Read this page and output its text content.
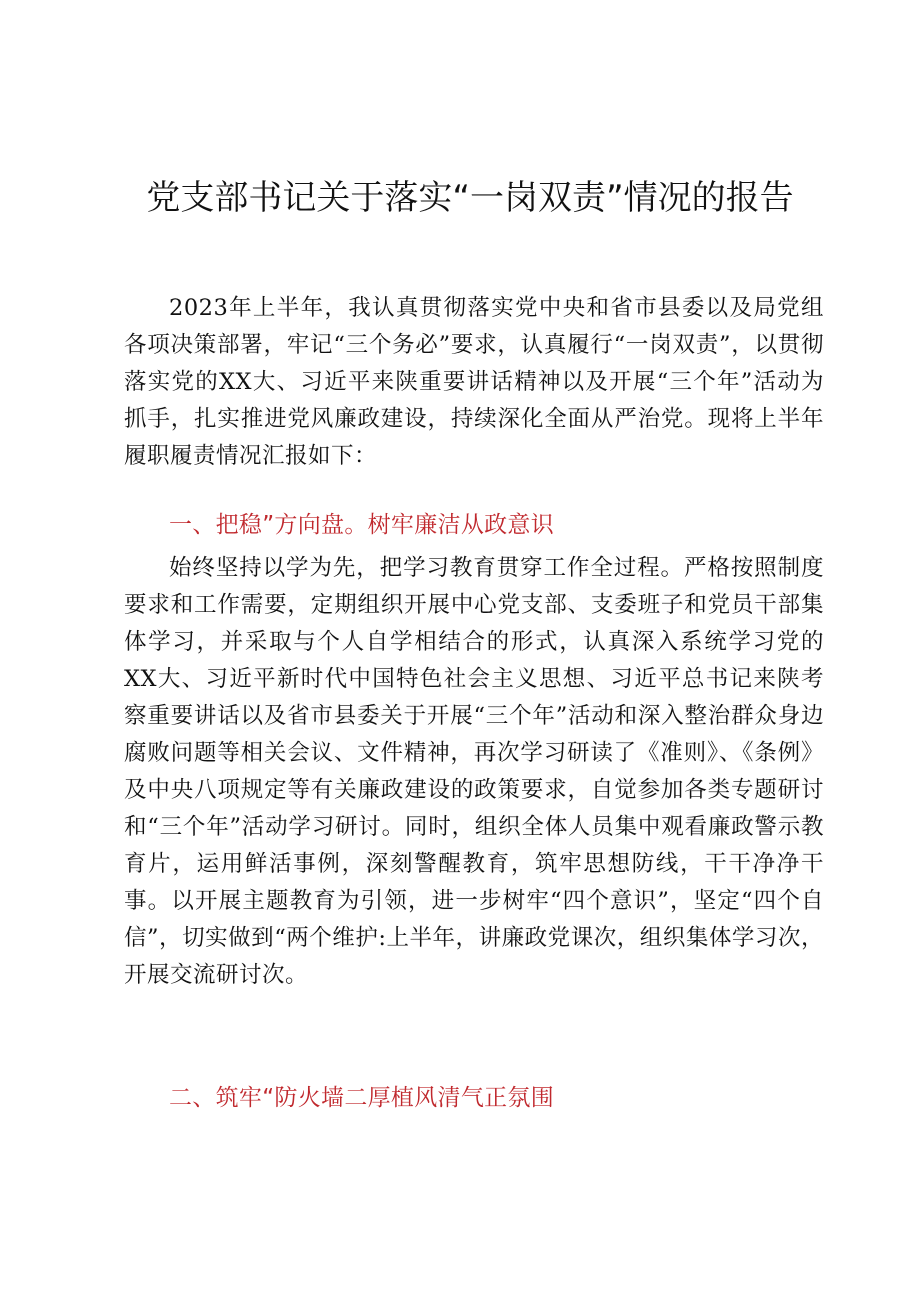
党支部书记关于落实“一岗双责”情况的报告

2023年上半年，我认真贯彻落实党中央和省市县委以及局党组各项决策部署，牢记“三个务必”要求，认真履行“一岗双责”，以贯彻落实党的XX大、习近平来陕重要讲话精神以及开展“三个年”活动为抓手，扎实推进党风廉政建设，持续深化全面从严治党。现将上半年履职履责情况汇报如下：

一、把稳”方向盘。树牢廉洁从政意识

始终坚持以学为先，把学习教育贯穿工作全过程。严格按照制度要求和工作需要，定期组织开展中心党支部、支委班子和党员干部集体学习，并采取与个人自学相结合的形式，认真深入系统学习党的XX大、习近平新时代中国特色社会主义思想、习近平总书记来陕考察重要讲话以及省市县委关于开展“三个年”活动和深入整治群众身边腐败问题等相关会议、文件精神，再次学习研读了《准则》、《条例》及中央八项规定等有关廉政建设的政策要求，自觉参加各类专题研讨和“三个年”活动学习研讨。同时，组织全体人员集中观看廉政警示教育片，运用鲜活事例，深刻警醒教育，筑牢思想防线，干干净净干事。以开展主题教育为引领，进一步树牢“四个意识”，坚定“四个自信”，切实做到“两个维护:上半年，讲廉政党课次，组织集体学习次，开展交流研讨次。

二、筑牢“防火墙二厚植风清气正氛围
